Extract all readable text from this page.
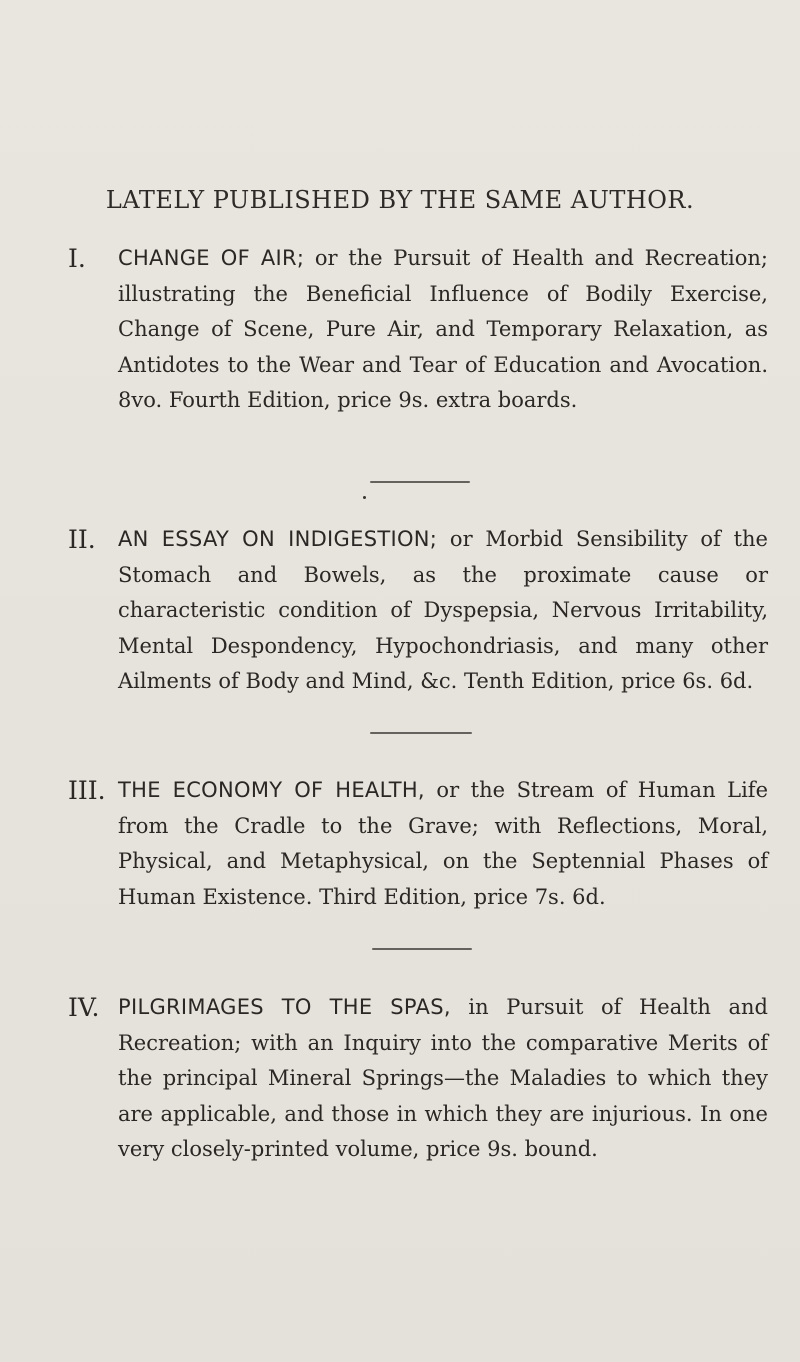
LATELY PUBLISHED BY THE SAME AUTHOR.
I. CHANGE OF AIR; or the Pursuit of Health and Recreation; illustrating the Beneficial Influence of Bodily Exercise, Change of Scene, Pure Air, and Temporary Relaxation, as Antidotes to the Wear and Tear of Education and Avocation. 8vo. Fourth Edition, price 9s. extra boards.
II. AN ESSAY ON INDIGESTION; or Morbid Sensibility of the Stomach and Bowels, as the proximate cause or characteristic condition of Dyspepsia, Nervous Irritability, Mental Despondency, Hypochondriasis, and many other Ailments of Body and Mind, &c. Tenth Edition, price 6s. 6d.
III. THE ECONOMY OF HEALTH, or the Stream of Human Life from the Cradle to the Grave; with Reflections, Moral, Physical, and Metaphysical, on the Septennial Phases of Human Existence. Third Edition, price 7s. 6d.
IV. PILGRIMAGES TO THE SPAS, in Pursuit of Health and Recreation; with an Inquiry into the comparative Merits of the principal Mineral Springs—the Maladies to which they are applicable, and those in which they are injurious. In one very closely-printed volume, price 9s. bound.
